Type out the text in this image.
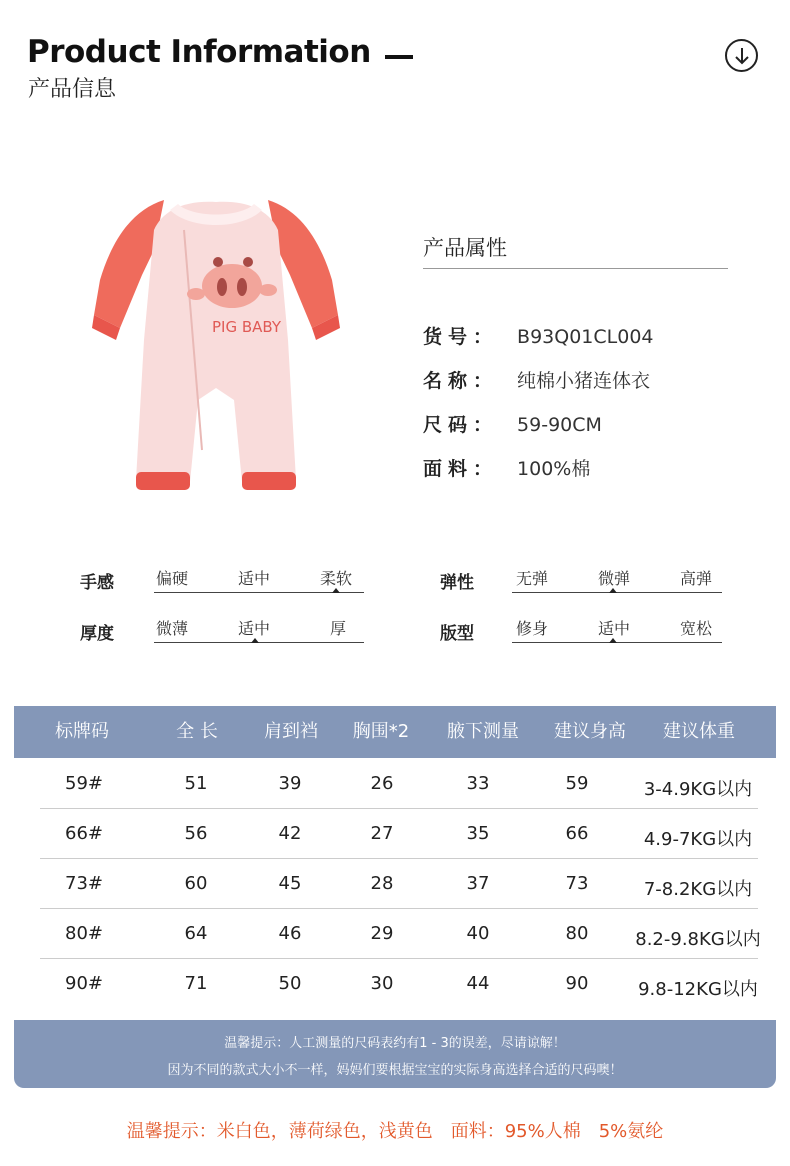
Product Information
产品信息
PIG BABY
产品属性
货号： B93Q01CL004
名称： 纯棉小猪连体衣
尺码： 59-90CM
面料： 100%棉
手感	偏硬	适中	柔软	弹性	无弹	微弹	高弹
厚度	微薄	适中	厚	版型	修身	适中	宽松
标牌码	全 长	肩到裆	胸围*2	腋下测量	建议身高	建议体重
59#	51	39	26	33	59	3-4.9KG以内
66#	56	42	27	35	66	4.9-7KG以内
73#	60	45	28	37	73	7-8.2KG以内
80#	64	46	29	40	80	8.2-9.8KG以内
90#	71	50	30	44	90	9.8-12KG以内
温馨提示：人工测量的尺码表约有1 - 3的误差，尽请谅解！
因为不同的款式大小不一样，妈妈们要根据宝宝的实际身高选择合适的尺码噢！
温馨提示：米白色，薄荷绿色，浅黄色　面料：95%人棉　5%氨纶
